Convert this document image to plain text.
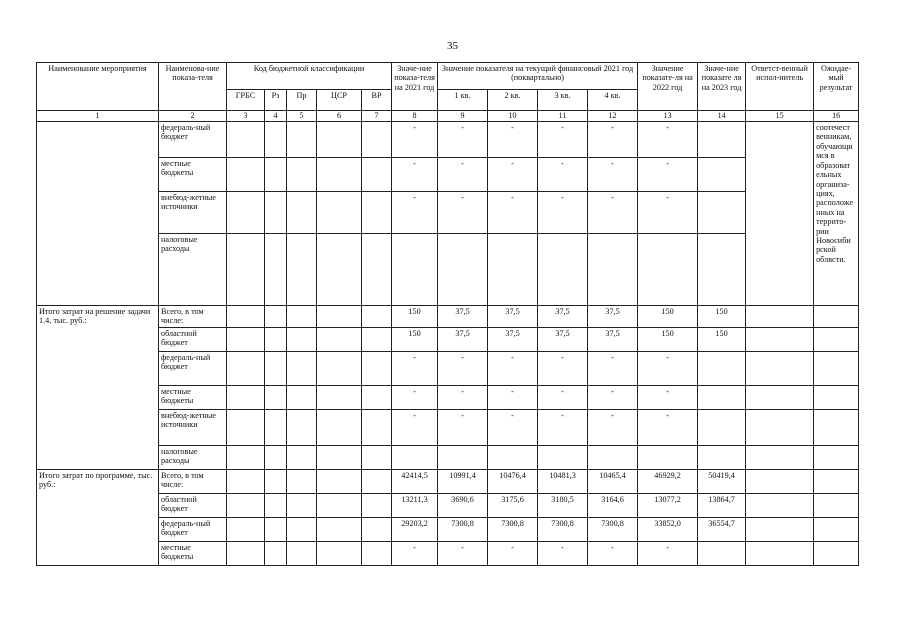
35
Наименование мероприятия	Наименова-ние показа-теля	Код бюджетной классификации					Значе-ние показа-теля на 2021 год	Значение показателя на текущий финансовый 2021 год (поквартально)				Значение показате-ля на 2022 год	Значе-ние показате ля на 2023 год	Ответст-венный испол-нитель	Ожидае-мый результат
		ГРБС	Рз	Пр	ЦСР	ВР		1 кв.	2 кв.	3 кв.	4 кв.				
1	2	3	4	5	6	7	8	9	10	11	12	13	14	15	16
	федераль-ный бюджет						-	-	-	-	-	-			соотечест венникам, обучающи мся в образоват ельных организа-циях, расположе нных на террито-рии Новосиби рской облвсти.
	местные бюджеты						-	-	-	-	-	-			
	внебюд-жетные источники						-	-	-	-	-	-			
	налоговые расходы														
Итого затрат на решение задачи 1.4, тыс. руб.:	Всего, в том числе:						150	37,5	37,5	37,5	37,5	150	150		
	областной бюджет						150	37,5	37,5	37,5	37,5	150	150		
	федераль-ный бюджет						-	-	-	-	-	-			
	местные бюджеты						-	-	-	-	-	-			
	внебюд-жетные источники						-	-	-	-	-	-			
	налоговые расходы														
Итого затрат по программе, тыс. руб.:	Всего, в том числе:						42414,5	10991,4	10476,4	10481,3	10465,4	46929,2	50419,4		
	областной бюджет						13211,3	3690,6	3175,6	3180,5	3164,6	13077,2	13864,7		
	федераль-ный бюджет						29203,2	7300,8	7300,8	7300,8	7300,8	33852,0	36554,7		
	местные бюджеты						-	-	-	-	-	-			
